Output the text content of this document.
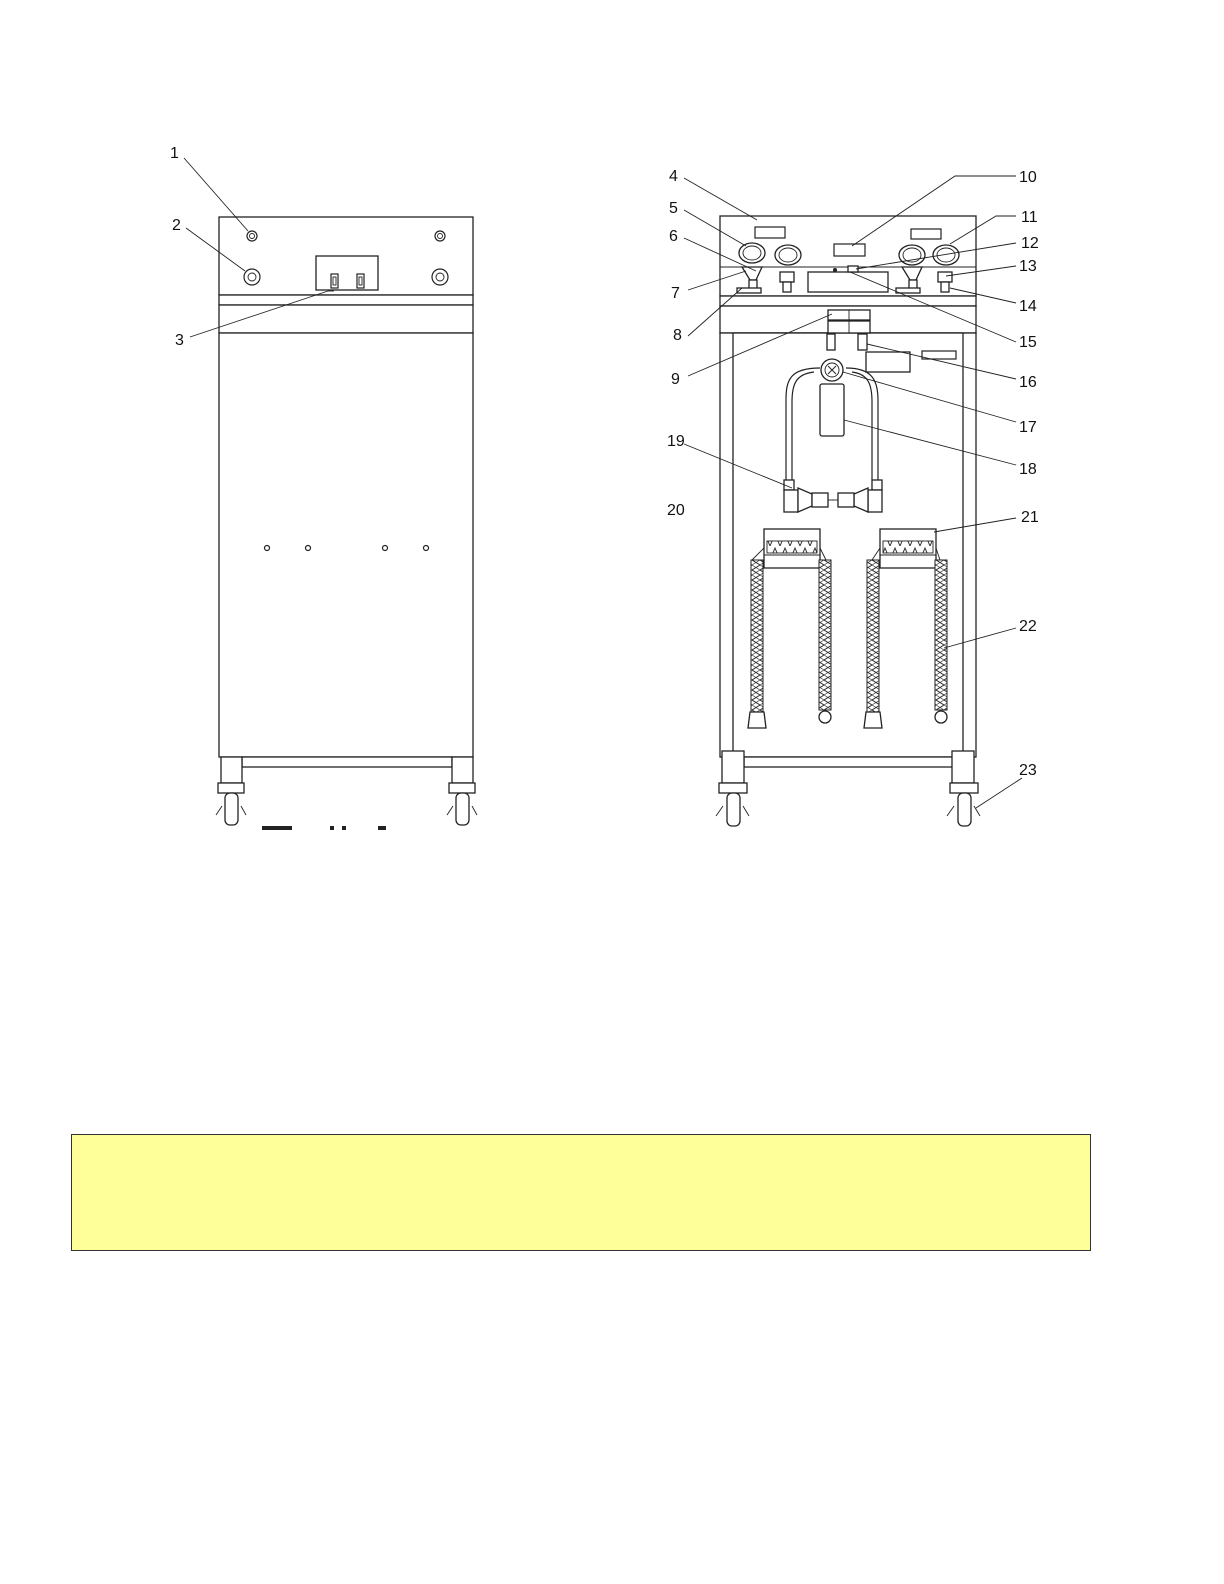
1
2
3
4
5
6
7
8
9
10
11
12
13
14
15
16
17
18
19
20	21
22
23
